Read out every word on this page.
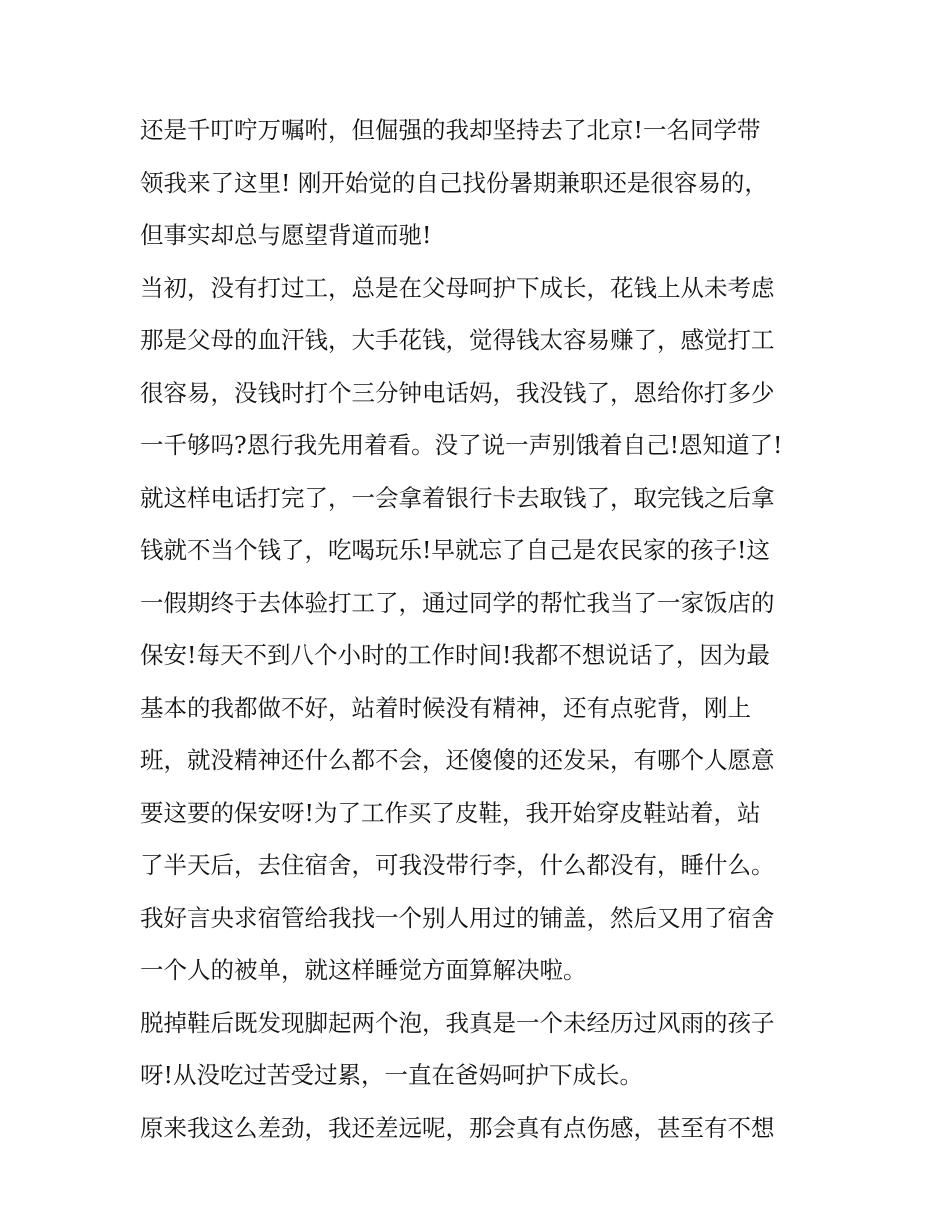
还是千叮咛万嘱咐，但倔强的我却坚持去了北京!一名同学带
领我来了这里! 刚开始觉的自己找份暑期兼职还是很容易的，
但事实却总与愿望背道而驰!
当初，没有打过工，总是在父母呵护下成长，花钱上从未考虑
那是父母的血汗钱，大手花钱，觉得钱太容易赚了，感觉打工
很容易，没钱时打个三分钟电话妈，我没钱了，恩给你打多少
一千够吗?恩行我先用着看。没了说一声别饿着自己!恩知道了!
就这样电话打完了，一会拿着银行卡去取钱了，取完钱之后拿
钱就不当个钱了，吃喝玩乐!早就忘了自己是农民家的孩子!这
一假期终于去体验打工了，通过同学的帮忙我当了一家饭店的
保安!每天不到八个小时的工作时间!我都不想说话了，因为最
基本的我都做不好，站着时候没有精神，还有点驼背，刚上
班，就没精神还什么都不会，还傻傻的还发呆，有哪个人愿意
要这要的保安呀!为了工作买了皮鞋，我开始穿皮鞋站着，站
了半天后，去住宿舍，可我没带行李，什么都没有，睡什么。
我好言央求宿管给我找一个别人用过的铺盖，然后又用了宿舍
一个人的被单，就这样睡觉方面算解决啦。
脱掉鞋后既发现脚起两个泡，我真是一个未经历过风雨的孩子
呀!从没吃过苦受过累，一直在爸妈呵护下成长。
原来我这么差劲，我还差远呢，那会真有点伤感，甚至有不想
